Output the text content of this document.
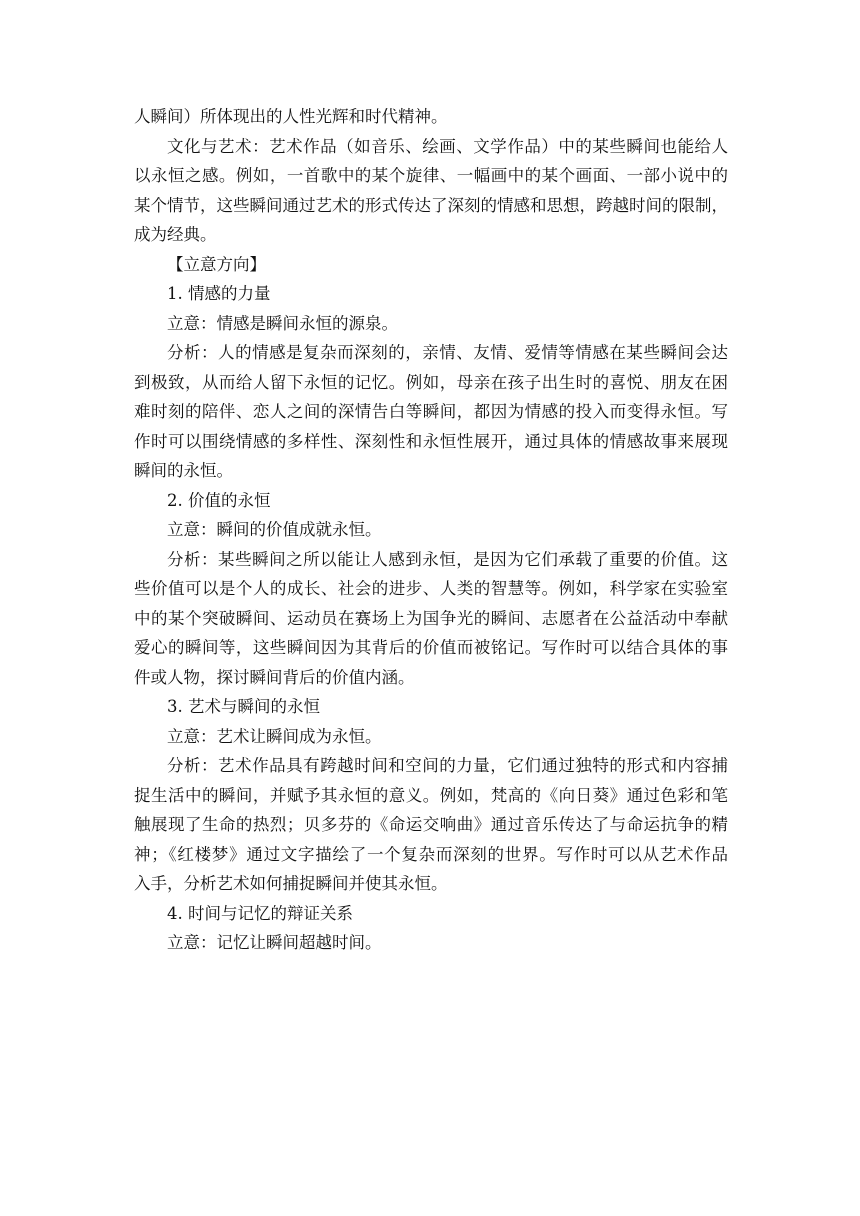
人瞬间）所体现出的人性光辉和时代精神。

文化与艺术：艺术作品（如音乐、绘画、文学作品）中的某些瞬间也能给人

以永恒之感。例如，一首歌中的某个旋律、一幅画中的某个画面、一部小说中的

某个情节，这些瞬间通过艺术的形式传达了深刻的情感和思想，跨越时间的限制，

成为经典。

【立意方向】

1. 情感的力量

立意：情感是瞬间永恒的源泉。

分析：人的情感是复杂而深刻的，亲情、友情、爱情等情感在某些瞬间会达

到极致，从而给人留下永恒的记忆。例如，母亲在孩子出生时的喜悦、朋友在困

难时刻的陪伴、恋人之间的深情告白等瞬间，都因为情感的投入而变得永恒。写

作时可以围绕情感的多样性、深刻性和永恒性展开，通过具体的情感故事来展现

瞬间的永恒。

2. 价值的永恒

立意：瞬间的价值成就永恒。

分析：某些瞬间之所以能让人感到永恒，是因为它们承载了重要的价值。这

些价值可以是个人的成长、社会的进步、人类的智慧等。例如，科学家在实验室

中的某个突破瞬间、运动员在赛场上为国争光的瞬间、志愿者在公益活动中奉献

爱心的瞬间等，这些瞬间因为其背后的价值而被铭记。写作时可以结合具体的事

件或人物，探讨瞬间背后的价值内涵。

3. 艺术与瞬间的永恒

立意：艺术让瞬间成为永恒。

分析：艺术作品具有跨越时间和空间的力量，它们通过独特的形式和内容捕

捉生活中的瞬间，并赋予其永恒的意义。例如，梵高的《向日葵》通过色彩和笔

触展现了生命的热烈；贝多芬的《命运交响曲》通过音乐传达了与命运抗争的精

神；《红楼梦》通过文字描绘了一个复杂而深刻的世界。写作时可以从艺术作品

入手，分析艺术如何捕捉瞬间并使其永恒。

4. 时间与记忆的辩证关系

立意：记忆让瞬间超越时间。
